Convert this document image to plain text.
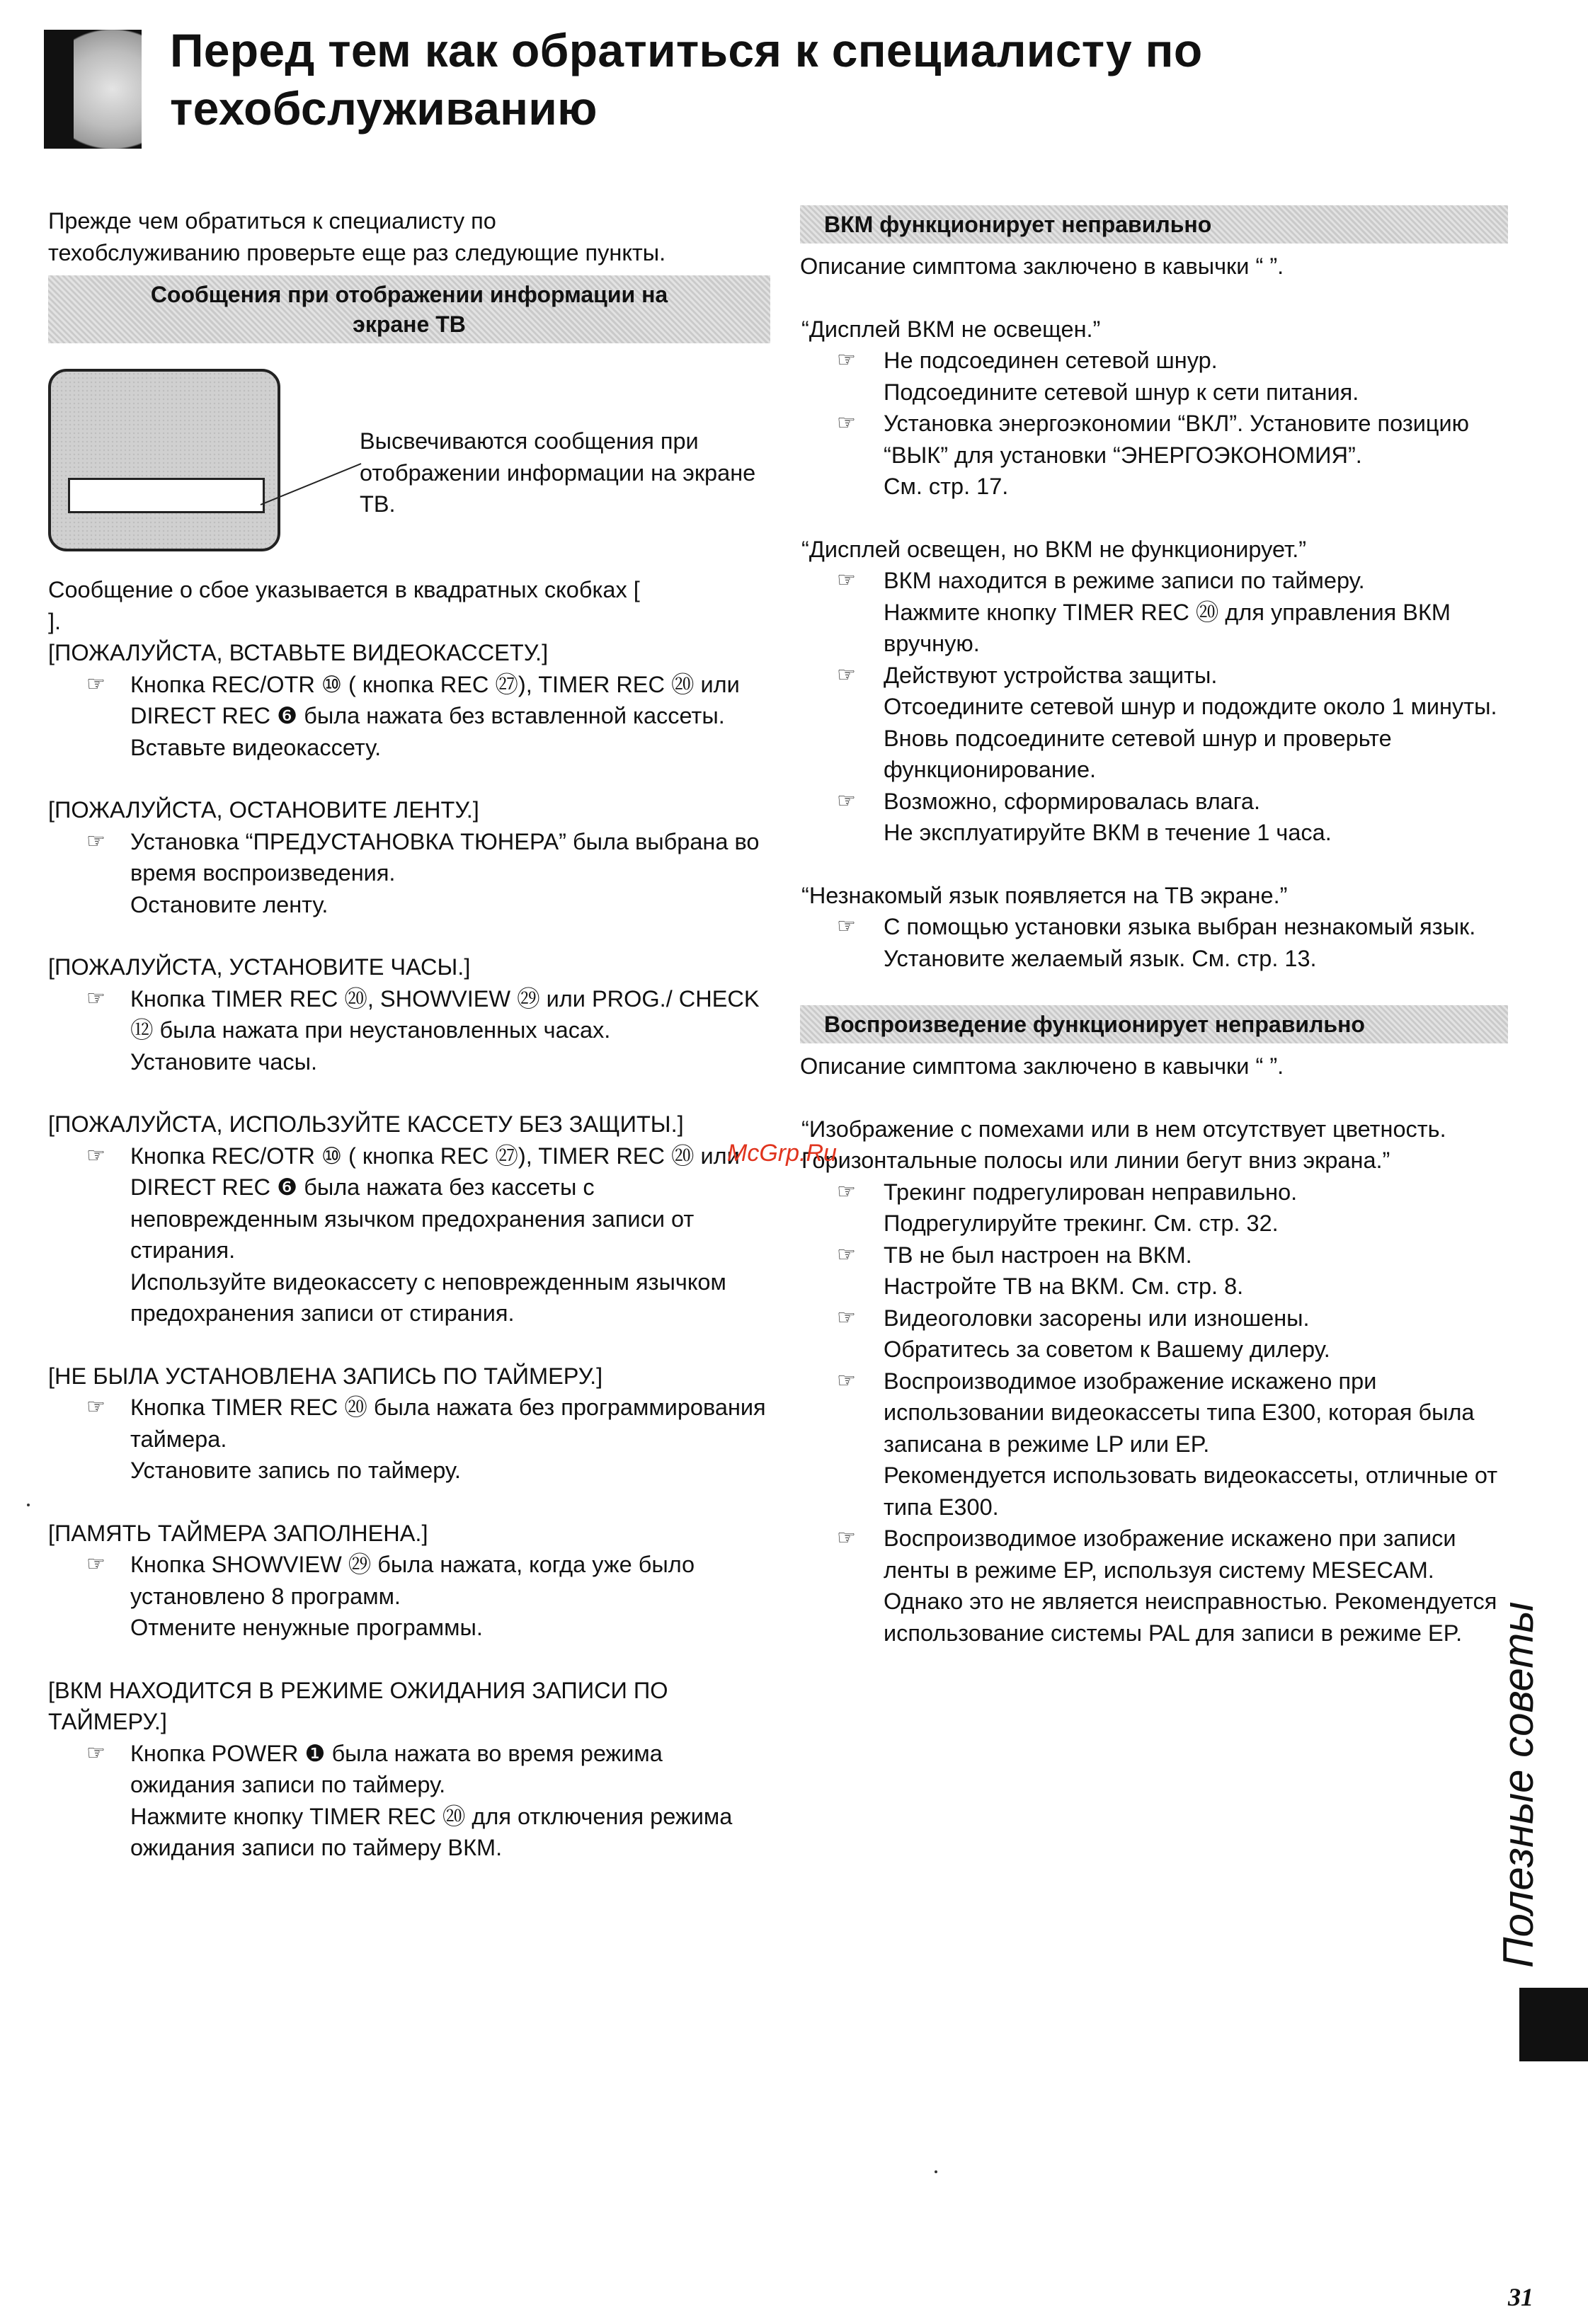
Перед тем как обратиться к специалисту по
техобслуживанию
Прежде чем обратиться к специалисту по техобслуживанию проверьте еще раз следующие пункты.
Сообщения при отображении информации на
экране ТВ
Высвечиваются сообщения при отображении информации на экране ТВ.
Сообщение о сбое указывается в квадратных скобках [ ].
[ПОЖАЛУЙСТА, ВСТАВЬТЕ ВИДЕОКАССЕТУ.]
☞ Кнопка REC/OTR ⑩ ( кнопка REC ㉗), TIMER REC ⑳ или DIRECT REC ❻ была нажата без вставленной кассеты.
Вставьте видеокассету.
[ПОЖАЛУЙСТА, ОСТАНОВИТЕ ЛЕНТУ.]
☞ Установка “ПРЕДУСТАНОВКА ТЮНЕРА” была выбрана во время воспроизведения.
Остановите ленту.
[ПОЖАЛУЙСТА, УСТАНОВИТЕ ЧАСЫ.]
☞ Кнопка TIMER REC ⑳, SHOWVIEW ㉙ или PROG./ CHECK ⑫ была нажата при неустановленных часах.
Установите часы.
[ПОЖАЛУЙСТА, ИСПОЛЬЗУЙТЕ КАССЕТУ БЕЗ ЗАЩИТЫ.]
☞ Кнопка REC/OTR ⑩ ( кнопка REC ㉗), TIMER REC ⑳ или DIRECT REC ❻ была нажата без кассеты с неповрежденным язычком предохранения записи от стирания.
Используйте видеокассету с неповрежденным язычком предохранения записи от стирания.
[НЕ БЫЛА УСТАНОВЛЕНА ЗАПИСЬ ПО ТАЙМЕРУ.]
☞ Кнопка TIMER REC ⑳ была нажата без программирования таймера.
Установите запись по таймеру.
[ПАМЯТЬ ТАЙМЕРА ЗАПОЛНЕНА.]
☞ Кнопка SHOWVIEW ㉙ была нажата, когда уже было установлено 8 программ.
Отмените ненужные программы.
[ВКМ НАХОДИТСЯ В РЕЖИМЕ ОЖИДАНИЯ ЗАПИСИ ПО ТАЙМЕРУ.]
☞ Кнопка POWER ❶ была нажата во время режима ожидания записи по таймеру.
Нажмите кнопку TIMER REC ⑳ для отключения режима ожидания записи по таймеру ВКМ.
ВКМ функционирует неправильно
Описание симптома заключено в кавычки “ ”.
“Дисплей ВКМ не освещен.”
☞ Не подсоединен сетевой шнур.
Подсоедините сетевой шнур к сети питания.
☞ Установка энергоэкономии “ВКЛ”. Установите позицию “ВЫК” для установки “ЭНЕРГОЭКОНОМИЯ”.
См. стр. 17.
“Дисплей освещен, но ВКМ не функционирует.”
☞ ВКМ находится в режиме записи по таймеру.
Нажмите кнопку TIMER REC ⑳ для управления ВКМ вручную.
☞ Действуют устройства защиты.
Отсоедините сетевой шнур и подождите около 1 минуты. Вновь подсоедините сетевой шнур и проверьте функционирование.
☞ Возможно, сформировалась влага.
Не эксплуатируйте ВКМ в течение 1 часа.
“Незнакомый язык появляется на ТВ экране.”
☞ С помощью установки языка выбран незнакомый язык.
Установите желаемый язык. См. стр. 13.
Воспроизведение функционирует неправильно
Описание симптома заключено в кавычки “ ”.
“Изображение с помехами или в нем отсутствует цветность. Горизонтальные полосы или линии бегут вниз экрана.”
☞ Трекинг подрегулирован неправильно.
Подрегулируйте трекинг. См. стр. 32.
☞ ТВ не был настроен на ВКМ.
Настройте ТВ на ВКМ. См. стр. 8.
☞ Видеоголовки засорены или изношены.
Обратитесь за советом к Вашему дилеру.
☞ Воспроизводимое изображение искажено при использовании видеокассеты типа E300, которая была записана в режиме LP или EP.
Рекомендуется использовать видеокассеты, отличные от типа E300.
☞ Воспроизводимое изображение искажено при записи ленты в режиме EP, используя систему MESECAM.
Однако это не является неисправностью. Рекомендуется использование системы PAL для записи в режиме EP.
McGrp.Ru
Полезные советы
31
